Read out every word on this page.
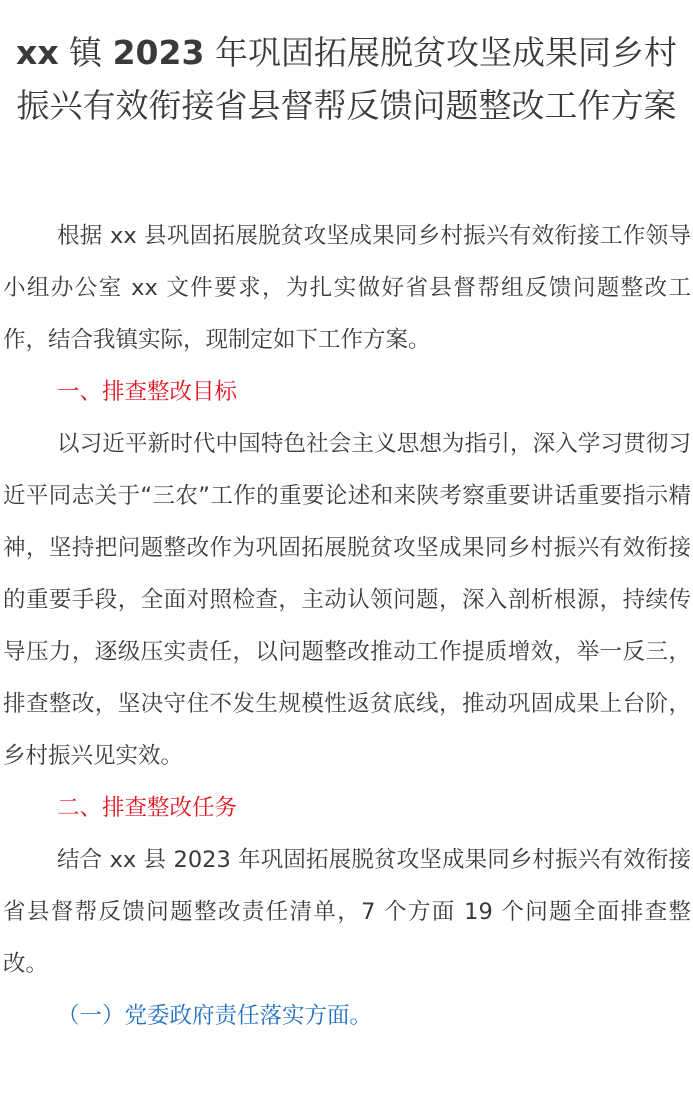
xx 镇 2023 年巩固拓展脱贫攻坚成果同乡村振兴有效衔接省县督帮反馈问题整改工作方案

根据 xx 县巩固拓展脱贫攻坚成果同乡村振兴有效衔接工作领导小组办公室 xx 文件要求，为扎实做好省县督帮组反馈问题整改工作，结合我镇实际，现制定如下工作方案。

一、排查整改目标

以习近平新时代中国特色社会主义思想为指引，深入学习贯彻习近平同志关于“三农”工作的重要论述和来陕考察重要讲话重要指示精神，坚持把问题整改作为巩固拓展脱贫攻坚成果同乡村振兴有效衔接的重要手段，全面对照检查，主动认领问题，深入剖析根源，持续传导压力，逐级压实责任，以问题整改推动工作提质增效，举一反三，排查整改，坚决守住不发生规模性返贫底线，推动巩固成果上台阶，乡村振兴见实效。

二、排查整改任务

结合 xx 县 2023 年巩固拓展脱贫攻坚成果同乡村振兴有效衔接省县督帮反馈问题整改责任清单，7 个方面 19 个问题全面排查整改。

（一）党委政府责任落实方面。
